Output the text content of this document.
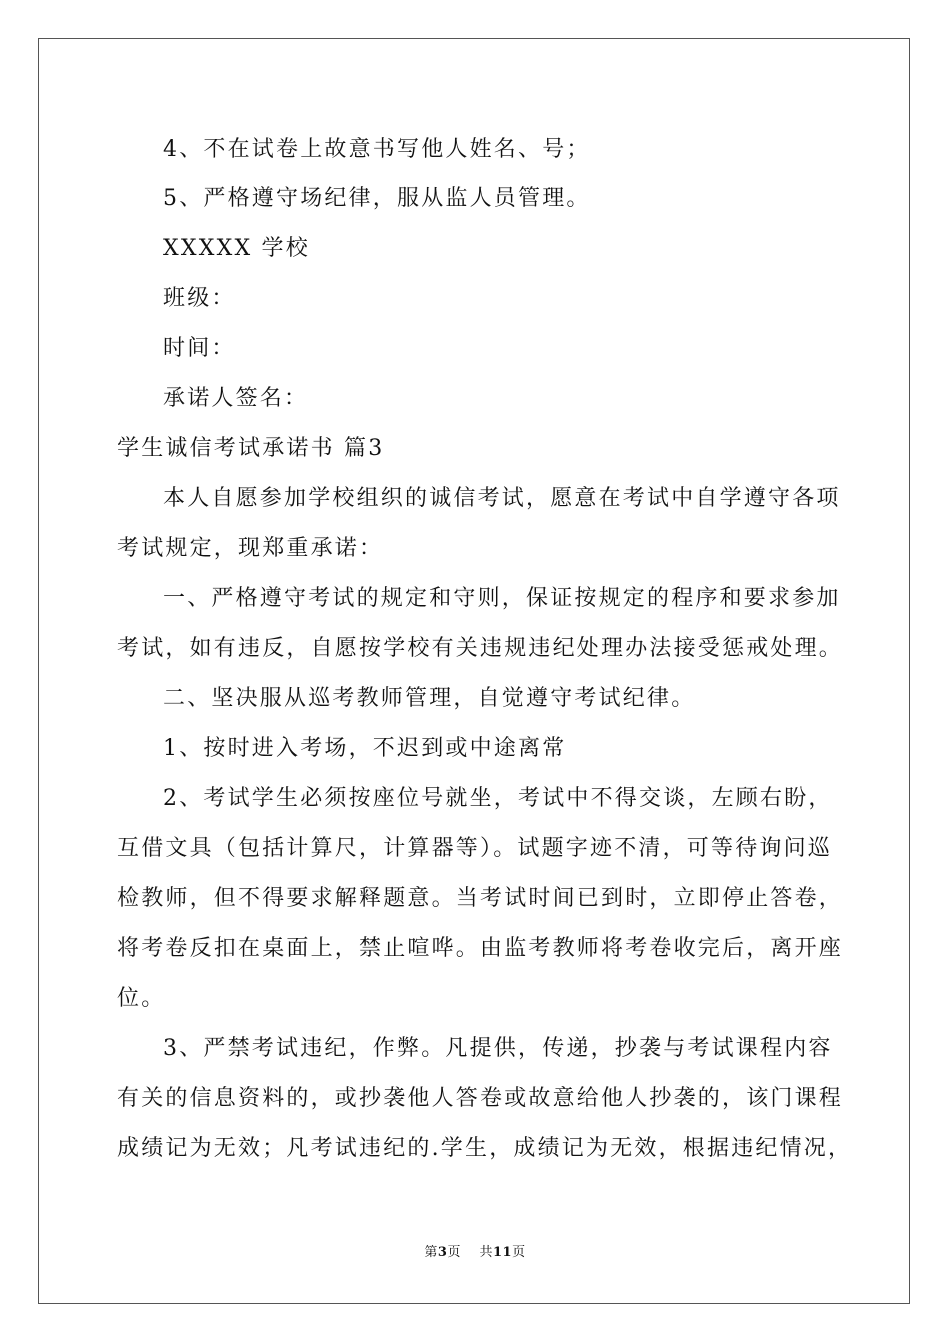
4、不在试卷上故意书写他人姓名、号；
5、严格遵守场纪律，服从监人员管理。
XXXXX 学校
班级：
时间：
承诺人签名：
学生诚信考试承诺书 篇3
本人自愿参加学校组织的诚信考试，愿意在考试中自学遵守各项
考试规定，现郑重承诺：
一、严格遵守考试的规定和守则，保证按规定的程序和要求参加
考试，如有违反，自愿按学校有关违规违纪处理办法接受惩戒处理。
二、坚决服从巡考教师管理，自觉遵守考试纪律。
1、按时进入考场，不迟到或中途离常
2、考试学生必须按座位号就坐，考试中不得交谈，左顾右盼，
互借文具（包括计算尺，计算器等）。试题字迹不清，可等待询问巡
检教师，但不得要求解释题意。当考试时间已到时，立即停止答卷，
将考卷反扣在桌面上，禁止喧哗。由监考教师将考卷收完后，离开座
位。
3、严禁考试违纪，作弊。凡提供，传递，抄袭与考试课程内容
有关的信息资料的，或抄袭他人答卷或故意给他人抄袭的，该门课程
成绩记为无效；凡考试违纪的.学生，成绩记为无效，根据违纪情况，
第3页 共11页
